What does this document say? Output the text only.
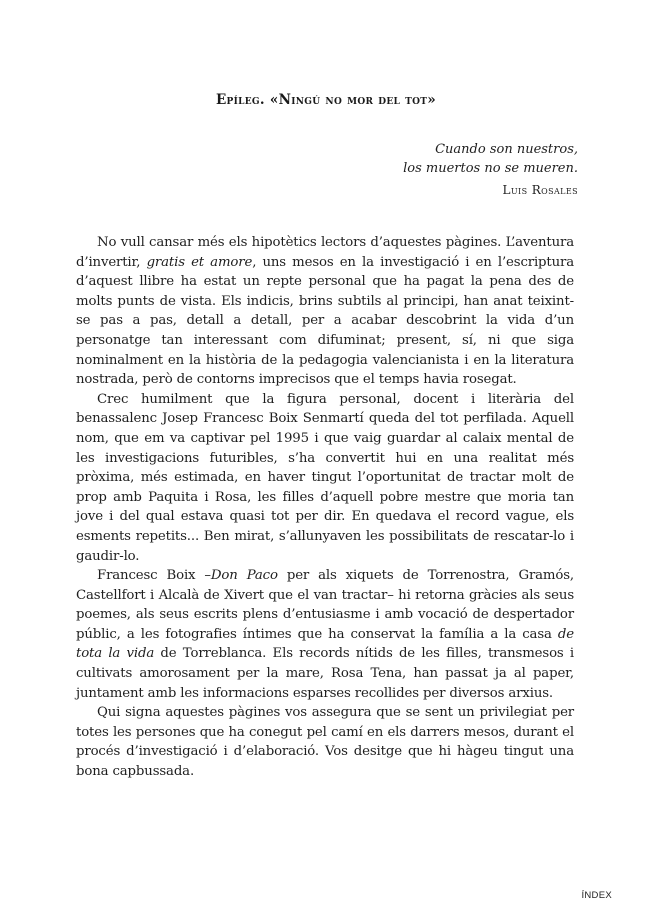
Epíleg. «Ningú no mor del tot»
Cuando son nuestros,
los muertos no se mueren.
Luis Rosales

No vull cansar més els hipotètics lectors d’aquestes pàgines. L’aventura d’invertir, gratis et amore, uns mesos en la investigació i en l’escriptura d’aquest llibre ha estat un repte personal que ha pagat la pena des de molts punts de vista. Els indicis, brins subtils al principi, han anat teixint-se pas a pas, detall a detall, per a acabar descobrint la vida d’un personatge tan interessant com difuminat; present, sí, ni que siga nominalment en la història de la pedagogia valencianista i en la literatura nostrada, però de contorns imprecisos que el temps havia rosegat.

Crec humilment que la figura personal, docent i literària del benassalenc Josep Francesc Boix Senmartí queda del tot perfilada. Aquell nom, que em va captivar pel 1995 i que vaig guardar al calaix mental de les investigacions futuribles, s’ha convertit hui en una realitat més pròxima, més estimada, en haver tingut l’oportunitat de tractar molt de prop amb Paquita i Rosa, les filles d’aquell pobre mestre que moria tan jove i del qual estava quasi tot per dir. En quedava el record vague, els esments repetits... Ben mirat, s’allunyaven les possibilitats de rescatar-lo i gaudir-lo.

Francesc Boix –Don Paco per als xiquets de Torrenostra, Gramós, Castellfort i Alcalà de Xivert que el van tractar– hi retorna gràcies als seus poemes, als seus escrits plens d’entusiasme i amb vocació de despertador públic, a les fotografies íntimes que ha conservat la família a la casa de tota la vida de Torreblanca. Els records nítids de les filles, transmesos i cultivats amorosament per la mare, Rosa Tena, han passat ja al paper, juntament amb les informacions esparses recollides per diversos arxius.

Qui signa aquestes pàgines vos assegura que se sent un privilegiat per totes les persones que ha conegut pel camí en els darrers mesos, durant el procés d’investigació i d’elaboració. Vos desitge que hi hàgeu tingut una bona capbussada.

ÍNDEX
